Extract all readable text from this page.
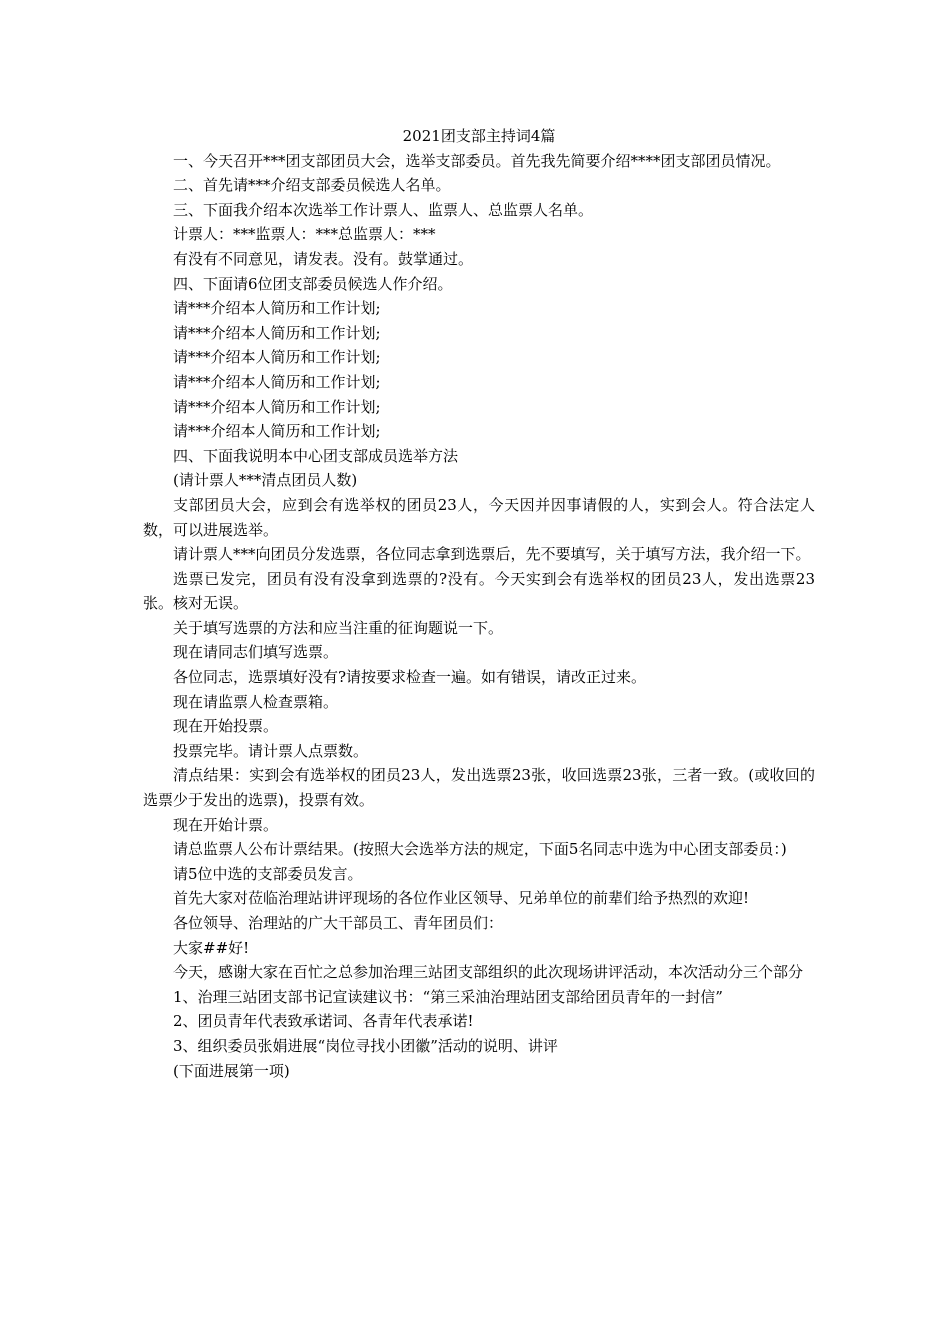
2021团支部主持词4篇

一、今天召开***团支部团员大会，选举支部委员。首先我先简要介绍****团支部团员情况。

二、首先请***介绍支部委员候选人名单。

三、下面我介绍本次选举工作计票人、监票人、总监票人名单。

计票人：***监票人：***总监票人：***

有没有不同意见，请发表。没有。鼓掌通过。

四、下面请6位团支部委员候选人作介绍。

请***介绍本人简历和工作计划;

请***介绍本人简历和工作计划;

请***介绍本人简历和工作计划;

请***介绍本人简历和工作计划;

请***介绍本人简历和工作计划;

请***介绍本人简历和工作计划;

四、下面我说明本中心团支部成员选举方法

(请计票人***清点团员人数)

支部团员大会，应到会有选举权的团员23人，今天因并因事请假的人，实到会人。符合法定人数，可以进展选举。

请计票人***向团员分发选票，各位同志拿到选票后，先不要填写，关于填写方法，我介绍一下。

选票已发完，团员有没有没拿到选票的?没有。今天实到会有选举权的团员23人，发出选票23张。核对无误。

关于填写选票的方法和应当注重的征询题说一下。

现在请同志们填写选票。

各位同志，选票填好没有?请按要求检查一遍。如有错误，请改正过来。

现在请监票人检查票箱。

现在开始投票。

投票完毕。请计票人点票数。

清点结果：实到会有选举权的团员23人，发出选票23张，收回选票23张，三者一致。(或收回的选票少于发出的选票)，投票有效。

现在开始计票。

请总监票人公布计票结果。(按照大会选举方法的规定，下面5名同志中选为中心团支部委员：)

请5位中选的支部委员发言。

首先大家对莅临治理站讲评现场的各位作业区领导、兄弟单位的前辈们给予热烈的欢迎!

各位领导、治理站的广大干部员工、青年团员们：

大家##好!

今天，感谢大家在百忙之总参加治理三站团支部组织的此次现场讲评活动，本次活动分三个部分

1、治理三站团支部书记宣读建议书：“第三采油治理站团支部给团员青年的一封信”

2、团员青年代表致承诺词、各青年代表承诺!

3、组织委员张娟进展“岗位寻找小团徽”活动的说明、讲评

(下面进展第一项)
